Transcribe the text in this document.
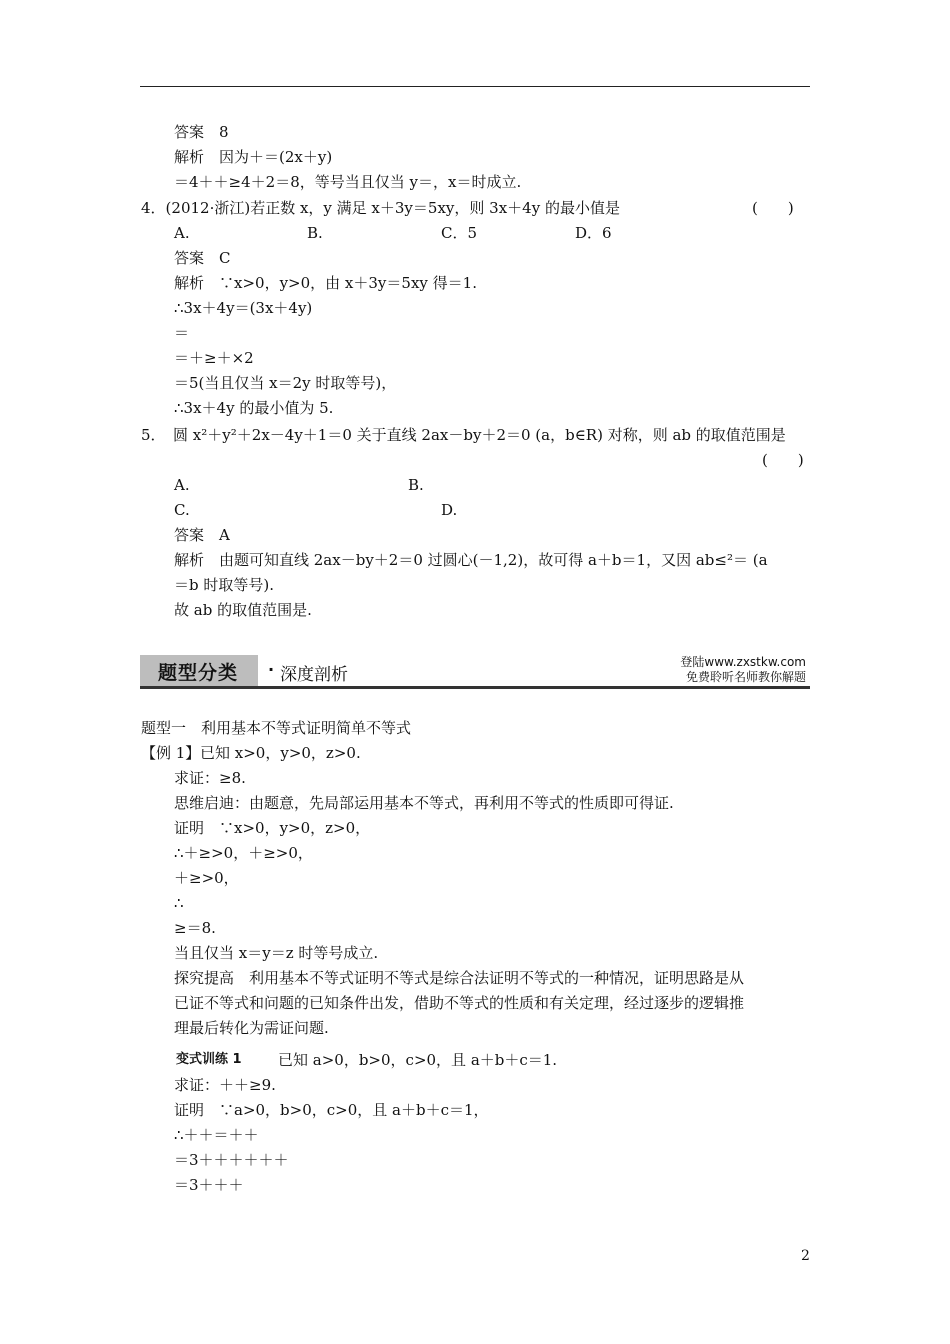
答案　8
解析　因为＋＝(2x＋y)
＝4＋＋≥4＋2＝8，等号当且仅当 y＝，x＝时成立.
4．(2012·浙江)若正数 x，y 满足 x＋3y＝5xy，则 3x＋4y 的最小值是
答案　C
解析　∵x>0，y>0，由 x＋3y＝5xy 得＝1.
∴3x＋4y＝(3x＋4y)
＝
＝＋≥＋×2
＝5(当且仅当 x＝2y 时取等号)，
∴3x＋4y 的最小值为 5.
5．　圆 x²＋y²＋2x－4y＋1＝0 关于直线 2ax－by＋2＝0 (a，b∈R) 对称，则 ab 的取值范围是
答案　A
解析　由题可知直线 2ax－by＋2＝0 过圆心(－1,2)，故可得 a＋b＝1，又因 ab≤²＝ (a
＝b 时取等号).
故 ab 的取值范围是.
题型一　利用基本不等式证明简单不等式
已知 x>0，y>0，z>0.
求证：≥8.
思维启迪：由题意，先局部运用基本不等式，再利用不等式的性质即可得证.
证明　∵x>0，y>0，z>0，
∴＋≥>0，＋≥>0，
＋≥>0，
∴
≥＝8.
当且仅当 x＝y＝z 时等号成立.
探究提高　利用基本不等式证明不等式是综合法证明不等式的一种情况，证明思路是从
已证不等式和问题的已知条件出发，借助不等式的性质和有关定理，经过逐步的逻辑推
理最后转化为需证问题.
已知 a>0，b>0，c>0，且 a＋b＋c＝1.
求证：＋＋≥9.
证明　∵a>0，b>0，c>0，且 a＋b＋c＝1，
∴＋＋＝＋＋
＝3＋＋＋＋＋＋
＝3＋＋＋
(　　)
(　　)
A.	B.	C．5	D．6
A.	B.
C.	D.
题型分类 · 深度剖析
登陆www.zxstkw.com
免费聆听名师教你解题
【例 1】
变式训练 1
2
